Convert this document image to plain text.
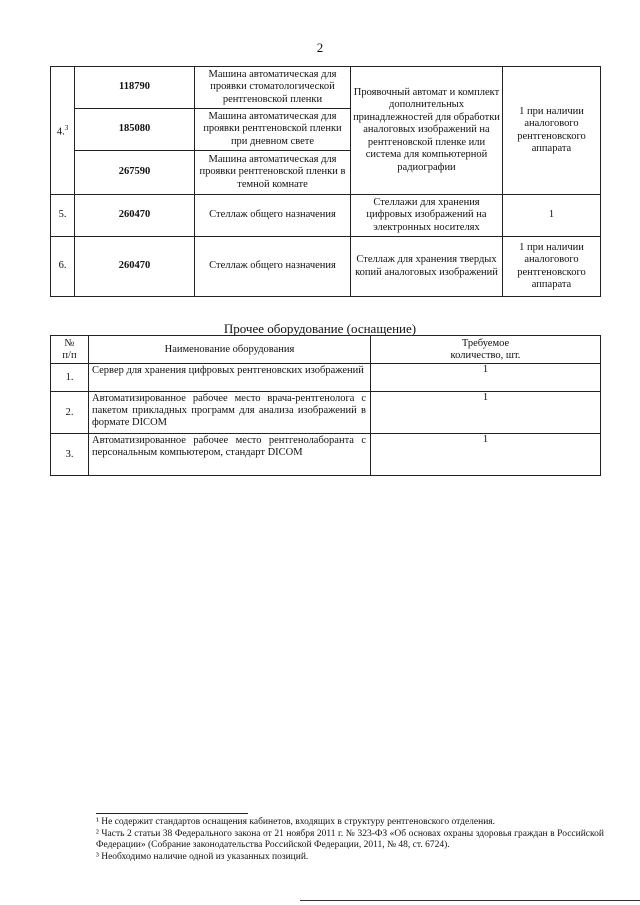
2
4.$^3$	118790	Машина автоматическая для проявки стоматологической рентгеновской пленки	Проявочный автомат и комплект дополнительных принадлежностей для обработки аналоговых изображений на рентгеновской пленке или система для компьютерной радиографии	1 при наличии аналогового рентгеновского аппарата
	185080	Машина автоматическая для проявки рентгеновской пленки при дневном свете		
	267590	Машина автоматическая для проявки рентгеновской пленки в темной комнате		
5.	260470	Стеллаж общего назначения	Стеллажи для хранения цифровых изображений на электронных носителях	1
6.	260470	Стеллаж общего назначения	Стеллаж для хранения твердых копий аналоговых изображений	1 при наличии аналогового рентгеновского аппарата
Прочее оборудование (оснащение)
№
п/п	Наименование оборудования	Требуемое
количество, шт.
1.	Сервер для хранения цифровых рентгеновских изображений	1
2.	Автоматизированное рабочее место врача-рентгенолога с пакетом прикладных программ для анализа изображений в формате DICOM	1
3.	Автоматизированное рабочее место рентгенолаборанта с персональным компьютером, стандарт DICOM	1

¹ Не содержит стандартов оснащения кабинетов, входящих в структуру рентгеновского отделения.

² Часть 2 статьи 38 Федерального закона от 21 ноября 2011 г. № 323-ФЗ «Об основах охраны здоровья граждан в Российской Федерации» (Собрание законодательства Российской Федерации, 2011, № 48, ст. 6724).

³ Необходимо наличие одной из указанных позиций.
